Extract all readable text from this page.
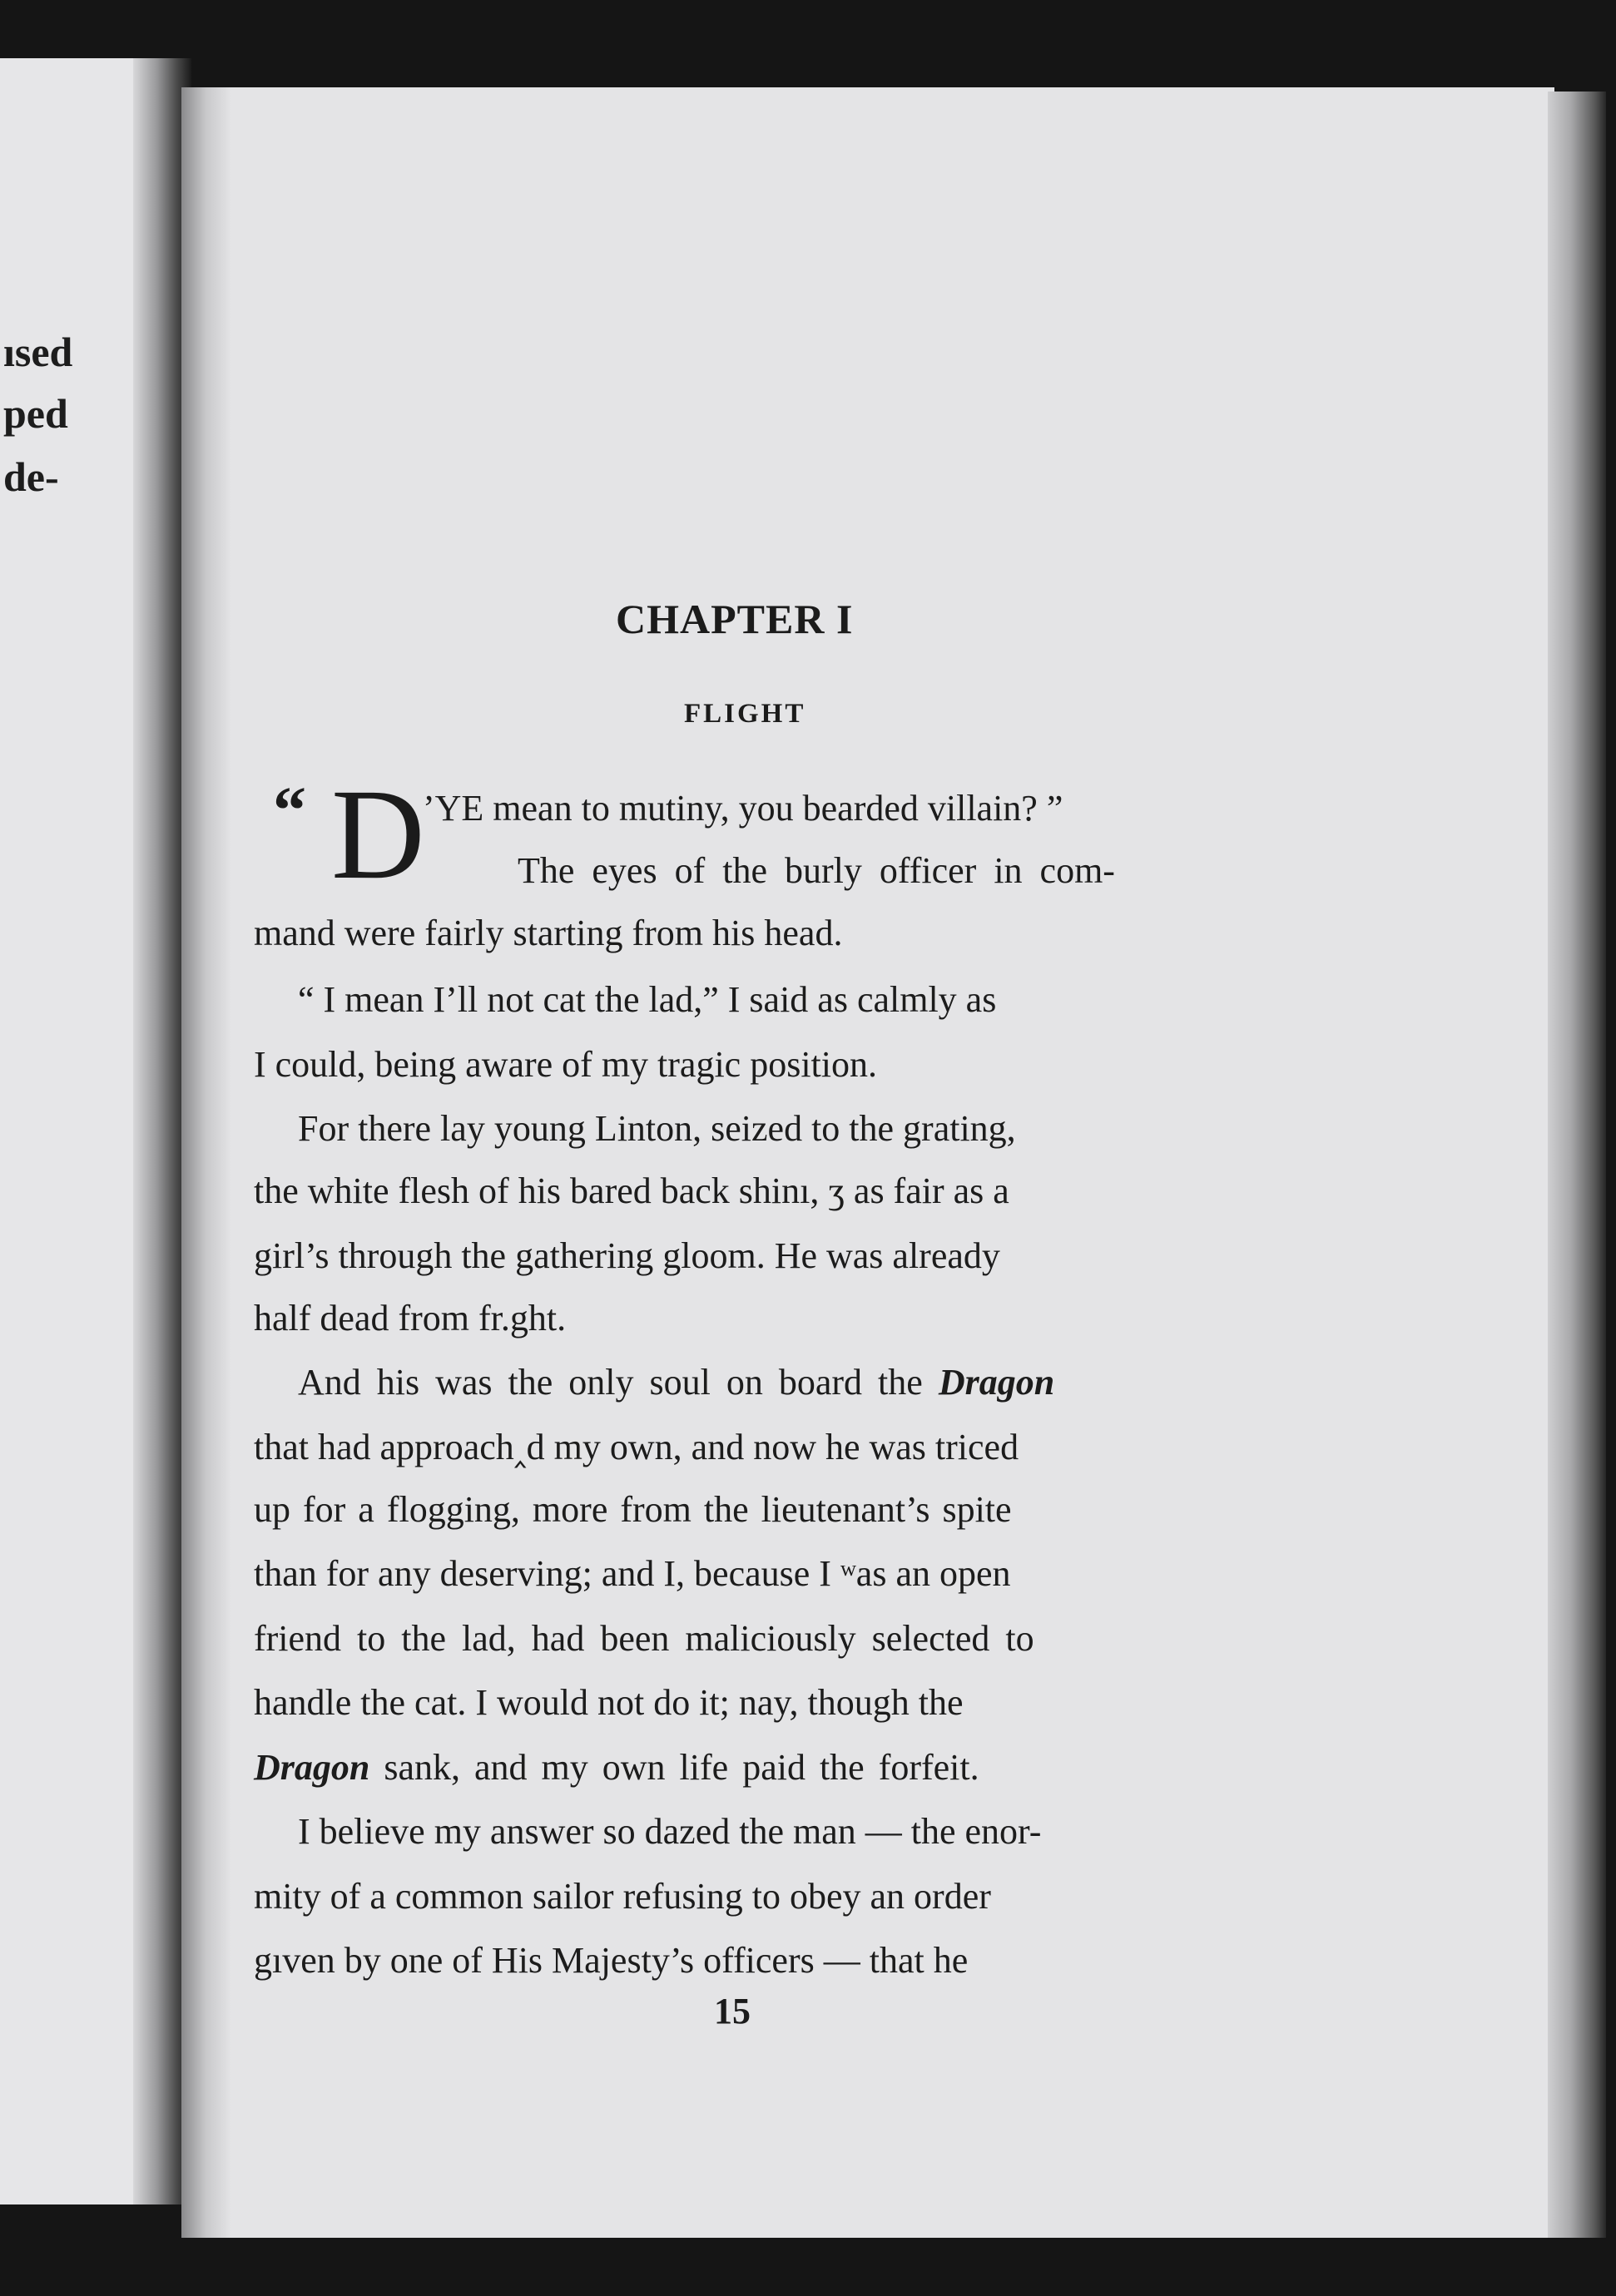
ısed
ped
de-
CHAPTER I
FLIGHT
“ D
’YE mean to mutiny, you bearded villain? ”
The eyes of the burly officer in com-
mand were fairly starting from his head.
“ I mean I’ll not cat the lad,” I said as calmly as
I could, being aware of my tragic position.
For there lay young Linton, seized to the grating,
the white flesh of his bared back shinı, ʒ as fair as a
girl’s through the gathering gloom. He was already
half dead from fr.ght.
And his was the only soul on board the Dragon
that had approach‸d my own, and now he was triced
up for a flogging, more from the lieutenant’s spite
than for any deserving; and I, because I ʷas an open
friend to the lad, had been maliciously selected to
handle the cat. I would not do it; nay, though the
Dragon sank, and my own life paid the forfeit.
I believe my answer so dazed the man — the enor-
mity of a common sailor refusing to obey an order
gıven by one of His Majesty’s officers — that he
15
